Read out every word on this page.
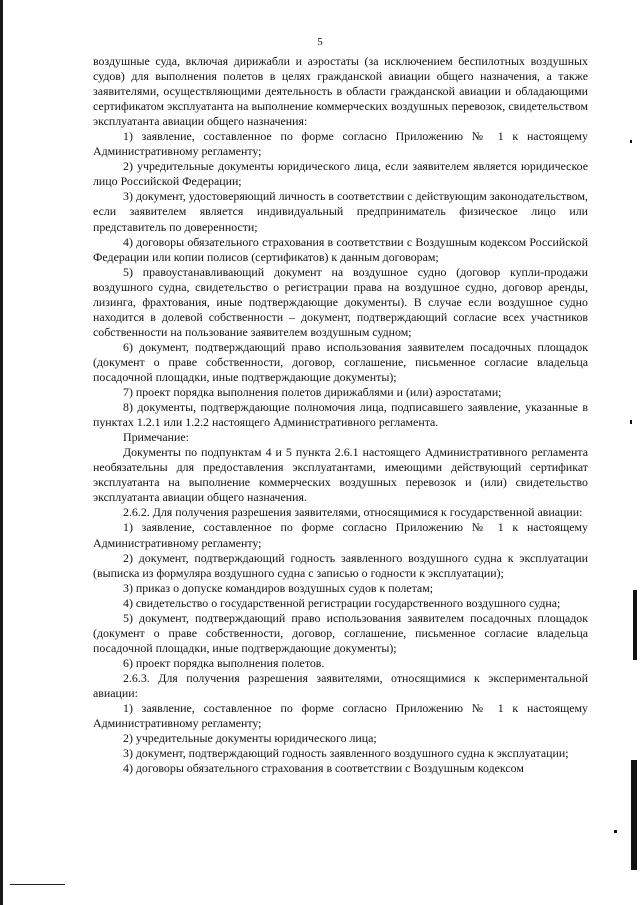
5

воздушные суда, включая дирижабли и аэростаты (за исключением беспилотных воздушных судов) для выполнения полетов в целях гражданской авиации общего назначения, а также заявителями, осуществляющими деятельность в области гражданской авиации и обладающими сертификатом эксплуатанта на выполнение коммерческих воздушных перевозок, свидетельством эксплуатанта авиации общего назначения:

1) заявление, составленное по форме согласно Приложению № 1 к настоящему Административному регламенту;

2) учредительные документы юридического лица, если заявителем является юридическое лицо Российской Федерации;

3) документ, удостоверяющий личность в соответствии с действующим законодательством, если заявителем является индивидуальный предприниматель физическое лицо или представитель по доверенности;

4) договоры обязательного страхования в соответствии с Воздушным кодексом Российской Федерации или копии полисов (сертификатов) к данным договорам;

5) правоустанавливающий документ на воздушное судно (договор купли-продажи воздушного судна, свидетельство о регистрации права на воздушное судно, договор аренды, лизинга, фрахтования, иные подтверждающие документы). В случае если воздушное судно находится в долевой собственности – документ, подтверждающий согласие всех участников собственности на пользование заявителем воздушным судном;

6) документ, подтверждающий право использования заявителем посадочных площадок (документ о праве собственности, договор, соглашение, письменное согласие владельца посадочной площадки, иные подтверждающие документы);

7) проект порядка выполнения полетов дирижаблями и (или) аэростатами;

8) документы, подтверждающие полномочия лица, подписавшего заявление, указанные в пунктах 1.2.1 или 1.2.2 настоящего Административного регламента.

Примечание:

Документы по подпунктам 4 и 5 пункта 2.6.1 настоящего Административного регламента необязательны для предоставления эксплуатантами, имеющими действующий сертификат эксплуатанта на выполнение коммерческих воздушных перевозок и (или) свидетельство эксплуатанта авиации общего назначения.

2.6.2. Для получения разрешения заявителями, относящимися к государственной авиации:

1) заявление, составленное по форме согласно Приложению № 1 к настоящему Административному регламенту;

2) документ, подтверждающий годность заявленного воздушного судна к эксплуатации (выписка из формуляра воздушного судна с записью о годности к эксплуатации);

3) приказ о допуске командиров воздушных судов к полетам;

4) свидетельство о государственной регистрации государственного воздушного судна;

5) документ, подтверждающий право использования заявителем посадочных площадок (документ о праве собственности, договор, соглашение, письменное согласие владельца посадочной площадки, иные подтверждающие документы);

6) проект порядка выполнения полетов.

2.6.3. Для получения разрешения заявителями, относящимися к экспериментальной авиации:

1) заявление, составленное по форме согласно Приложению № 1 к настоящему Административному регламенту;

2) учредительные документы юридического лица;

3) документ, подтверждающий годность заявленного воздушного судна к эксплуатации;

4) договоры обязательного страхования в соответствии с Воздушным кодексом
